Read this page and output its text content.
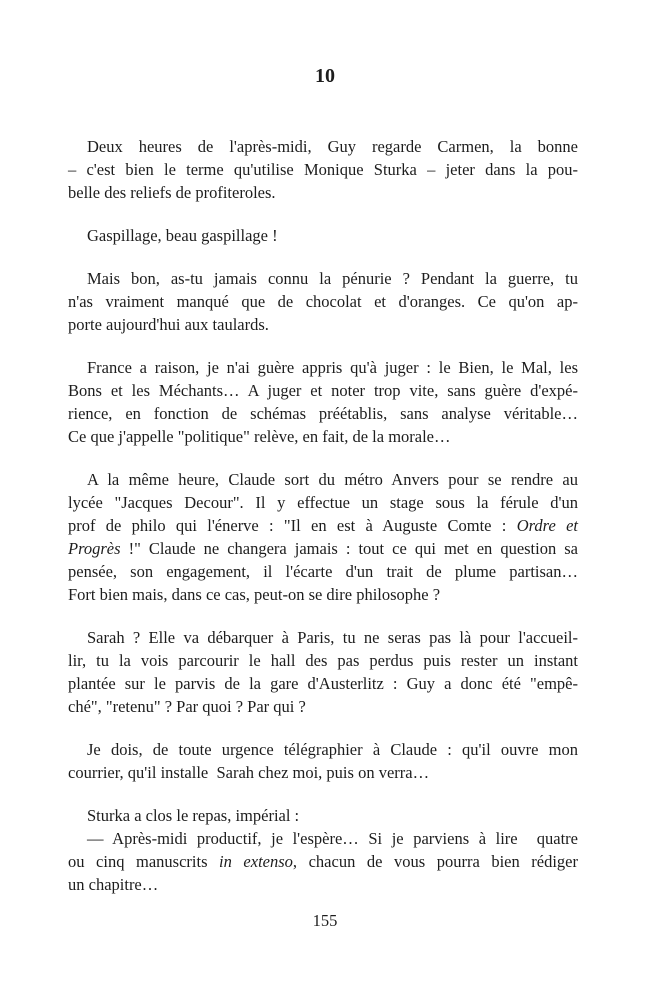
10

Deux heures de l'après-midi, Guy regarde Carmen, la bonne
– c'est bien le terme qu'utilise Monique Sturka – jeter dans la pou-
belle des reliefs de profiteroles.

Gaspillage, beau gaspillage !

Mais bon, as-tu jamais connu la pénurie ? Pendant la guerre, tu
n'as vraiment manqué que de chocolat et d'oranges. Ce qu'on ap-
porte aujourd'hui aux taulards.

France a raison, je n'ai guère appris qu'à juger : le Bien, le Mal, les
Bons et les Méchants… A juger et noter trop vite, sans guère d'expé-
rience, en fonction de schémas préétablis, sans analyse véritable…
Ce que j'appelle "politique" relève, en fait, de la morale…

A la même heure, Claude sort du métro Anvers pour se rendre au
lycée "Jacques Decour". Il y effectue un stage sous la férule d'un
prof de philo qui l'énerve : "Il en est à Auguste Comte : Ordre et
Progrès !" Claude ne changera jamais : tout ce qui met en question sa
pensée, son engagement, il l'écarte d'un trait de plume partisan…
Fort bien mais, dans ce cas, peut-on se dire philosophe ?

Sarah ? Elle va débarquer à Paris, tu ne seras pas là pour l'accueil-
lir, tu la vois parcourir le hall des pas perdus puis rester un instant
plantée sur le parvis de la gare d'Austerlitz : Guy a donc été "empê-
ché", "retenu" ? Par quoi ? Par qui ?

Je dois, de toute urgence télégraphier à Claude : qu'il ouvre mon
courrier, qu'il installe  Sarah chez moi, puis on verra…

Sturka a clos le repas, impérial :

— Après-midi productif, je l'espère… Si je parviens à lire  quatre
ou cinq manuscrits in extenso, chacun de vous pourra bien rédiger
un chapitre…

155
